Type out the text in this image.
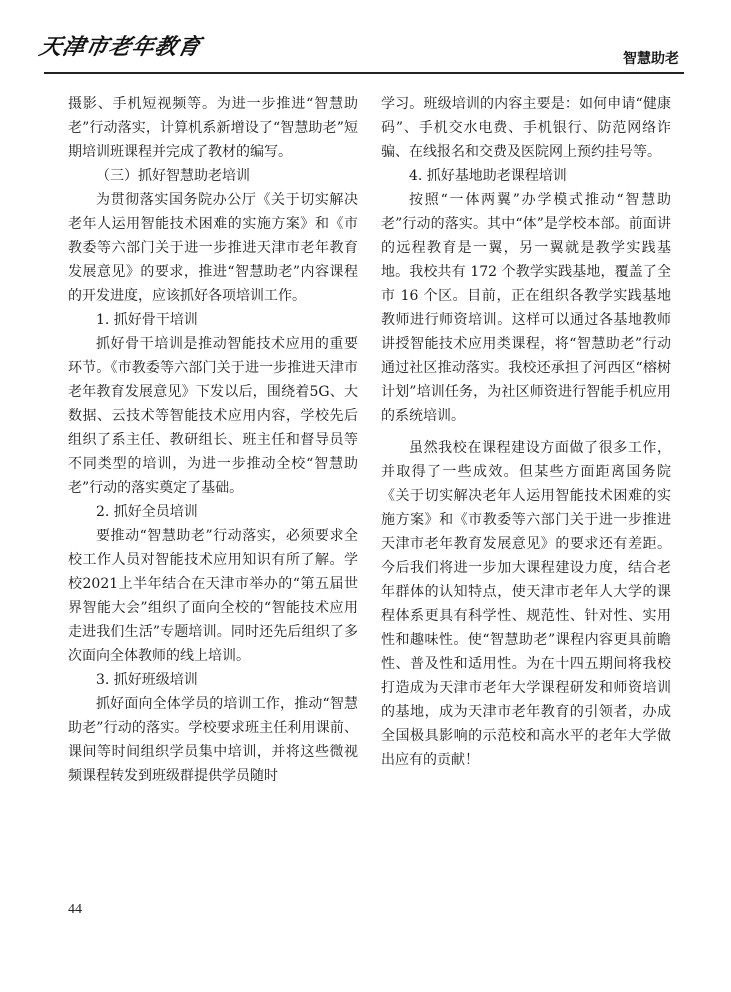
天津市老年教育	智慧助老

摄影、手机短视频等。为进一步推进“智慧助老”行动落实，计算机系新增设了“智慧助老”短期培训班课程并完成了教材的编写。

（三）抓好智慧助老培训

为贯彻落实国务院办公厅《关于切实解决老年人运用智能技术困难的实施方案》和《市教委等六部门关于进一步推进天津市老年教育发展意见》的要求，推进“智慧助老”内容课程的开发进度，应该抓好各项培训工作。

1. 抓好骨干培训

抓好骨干培训是推动智能技术应用的重要环节。《市教委等六部门关于进一步推进天津市老年教育发展意见》下发以后，围绕着5G、大数据、云技术等智能技术应用内容，学校先后组织了系主任、教研组长、班主任和督导员等不同类型的培训，为进一步推动全校“智慧助老”行动的落实奠定了基础。

2. 抓好全员培训

要推动“智慧助老”行动落实，必须要求全校工作人员对智能技术应用知识有所了解。学校2021上半年结合在天津市举办的“第五届世界智能大会”组织了面向全校的“智能技术应用走进我们生活”专题培训。同时还先后组织了多次面向全体教师的线上培训。

3. 抓好班级培训

抓好面向全体学员的培训工作，推动“智慧助老”行动的落实。学校要求班主任利用课前、课间等时间组织学员集中培训，并将这些微视频课程转发到班级群提供学员随时

学习。班级培训的内容主要是：如何申请“健康码”、手机交水电费、手机银行、防范网络诈骗、在线报名和交费及医院网上预约挂号等。

4. 抓好基地助老课程培训

按照“一体两翼”办学模式推动“智慧助老”行动的落实。其中“体”是学校本部。前面讲的远程教育是一翼，另一翼就是教学实践基地。我校共有 172 个教学实践基地，覆盖了全市 16 个区。目前，正在组织各教学实践基地教师进行师资培训。这样可以通过各基地教师讲授智能技术应用类课程，将“智慧助老”行动通过社区推动落实。我校还承担了河西区“榕树计划”培训任务，为社区师资进行智能手机应用的系统培训。

虽然我校在课程建设方面做了很多工作，并取得了一些成效。但某些方面距离国务院《关于切实解决老年人运用智能技术困难的实施方案》和《市教委等六部门关于进一步推进天津市老年教育发展意见》的要求还有差距。今后我们将进一步加大课程建设力度，结合老年群体的认知特点，使天津市老年人大学的课程体系更具有科学性、规范性、针对性、实用性和趣味性。使“智慧助老”课程内容更具前瞻性、普及性和适用性。为在十四五期间将我校打造成为天津市老年大学课程研发和师资培训的基地，成为天津市老年教育的引领者，办成全国极具影响的示范校和高水平的老年大学做出应有的贡献！

44
